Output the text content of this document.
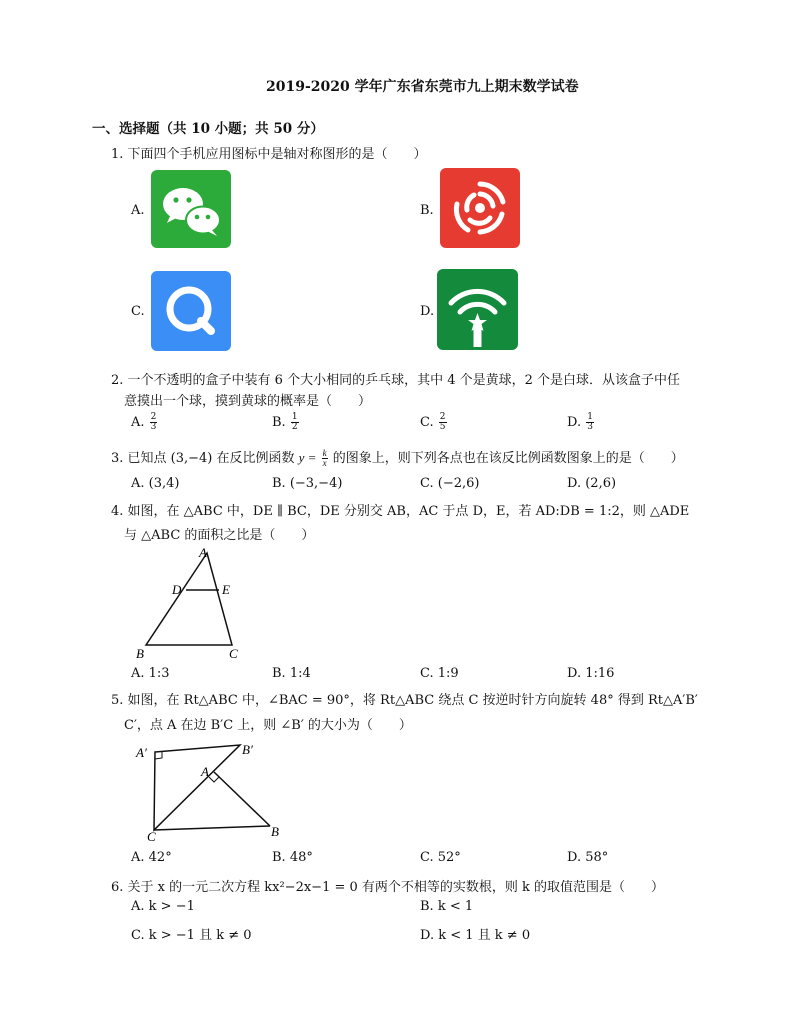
2019-2020 学年广东省东莞市九上期末数学试卷
一、选择题（共 10 小题；共 50 分）
1. 下面四个手机应用图标中是轴对称图形的是（　　）
A.	B.
C.	D.
2. 一个不透明的盒子中装有 6 个大小相同的乒乓球，其中 4 个是黄球，2 个是白球．从该盒子中任
意摸出一个球，摸到黄球的概率是（　　）
A. $\frac{2}{3}$	B. $\frac{1}{2}$	C. $\frac{2}{5}$	D. $\frac{1}{3}$
3. 已知点 (3,−4) 在反比例函数 $y = \frac{k}{x}$ 的图象上，则下列各点也在该反比例函数图象上的是（　　）
A. (3,4)	B. (−3,−4)	C. (−2,6)	D. (2,6)
4. 如图，在 △ABC 中，DE ∥ BC，DE 分别交 AB，AC 于点 D，E，若 AD:DB = 1:2，则 △ADE
与 △ABC 的面积之比是（　　）
A
D	E
B	C
A. 1:3	B. 1:4	C. 1:9	D. 1:16
5. 如图，在 Rt△ABC 中，∠BAC = 90°，将 Rt△ABC 绕点 C 按逆时针方向旋转 48° 得到 Rt△A′B′
C′，点 A 在边 B′C 上，则 ∠B′ 的大小为（　　）
A′	B′
A
C	B
A. 42°	B. 48°	C. 52°	D. 58°
6. 关于 x 的一元二次方程 kx²−2x−1 = 0 有两个不相等的实数根，则 k 的取值范围是（　　）
A. k > −1	B. k < 1
C. k > −1 且 k ≠ 0	D. k < 1 且 k ≠ 0
